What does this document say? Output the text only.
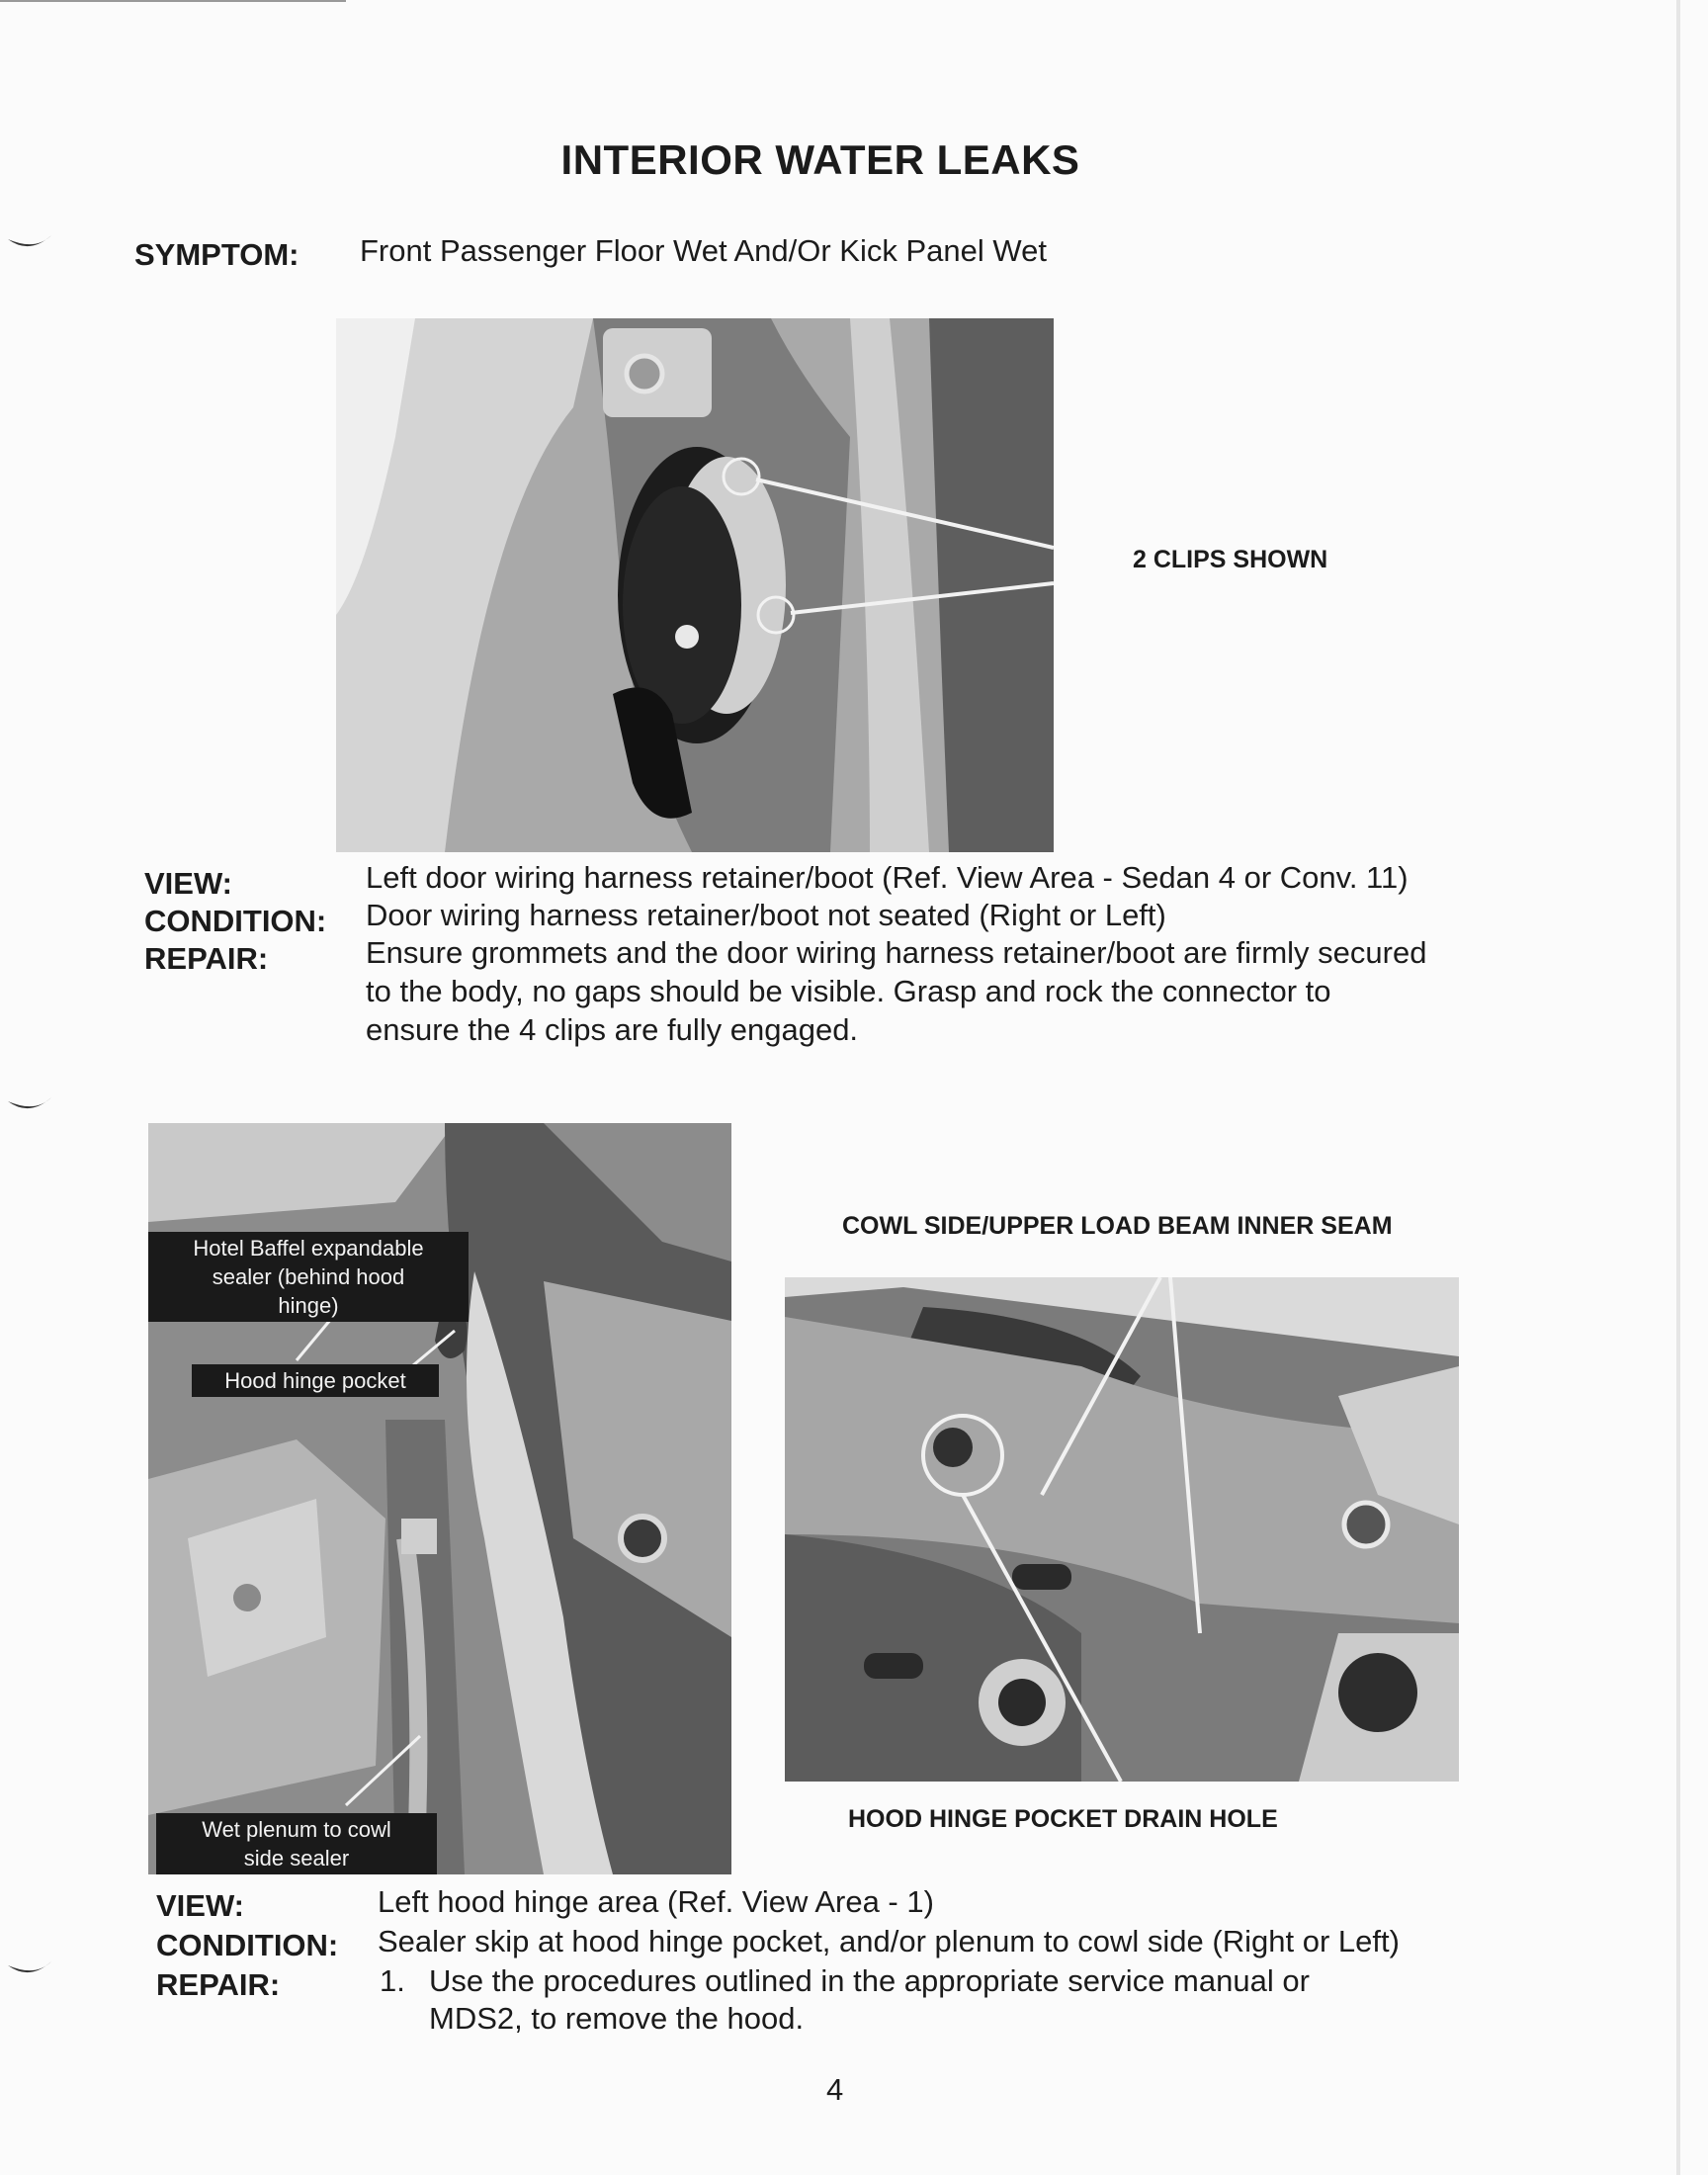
INTERIOR WATER LEAKS
SYMPTOM: Front Passenger Floor Wet And/Or Kick Panel Wet
2 CLIPS SHOWN
VIEW:	Left door wiring harness retainer/boot (Ref. View Area - Sedan 4 or Conv. 11)
CONDITION: Door wiring harness retainer/boot not seated (Right or Left)
REPAIR:	Ensure grommets and the door wiring harness retainer/boot are firmly secured
to the body, no gaps should be visible. Grasp and rock the connector to
ensure the 4 clips are fully engaged.
Hotel Baffel expandable
sealer (behind hood
hinge)
Hood hinge pocket
Wet plenum to cowl
side sealer
COWL SIDE/UPPER LOAD BEAM INNER SEAM
HOOD HINGE POCKET DRAIN HOLE
VIEW:	Left hood hinge area (Ref. View Area - 1)
CONDITION: Sealer skip at hood hinge pocket, and/or plenum to cowl side (Right or Left)
REPAIR:	1. Use the procedures outlined in the appropriate service manual or
MDS2, to remove the hood.
4
